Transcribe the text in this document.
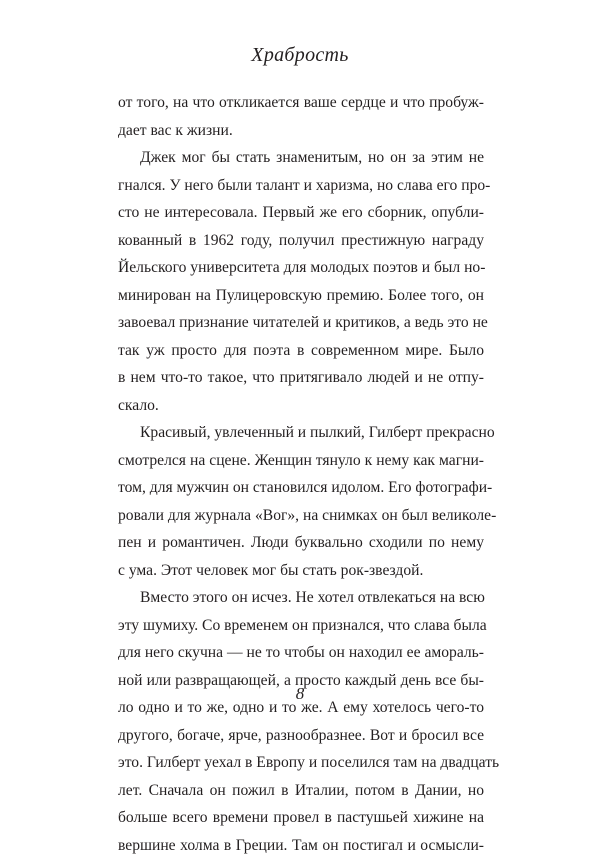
Храбрость
от того, на что откликается ваше сердце и что пробуж-
дает вас к жизни.
Джек мог бы стать знаменитым, но он за этим не
гнался. У него были талант и харизма, но слава его про-
сто не интересовала. Первый же его сборник, опубли-
кованный в 1962 году, получил престижную награду
Йельского университета для молодых поэтов и был но-
минирован на Пулицеровскую премию. Более того, он
завоевал признание читателей и критиков, а ведь это не
так уж просто для поэта в современном мире. Было
в нем что-то такое, что притягивало людей и не отпу-
скало.
Красивый, увлеченный и пылкий, Гилберт прекрасно
смотрелся на сцене. Женщин тянуло к нему как магни-
том, для мужчин он становился идолом. Его фотографи-
ровали для журнала «Вог», на снимках он был великоле-
пен и романтичен. Люди буквально сходили по нему
с ума. Этот человек мог бы стать рок-звездой.
Вместо этого он исчез. Не хотел отвлекаться на всю
эту шумиху. Со временем он признался, что слава была
для него скучна — не то чтобы он находил ее амораль-
ной или развращающей, а просто каждый день все бы-
ло одно и то же, одно и то же. А ему хотелось чего-то
другого, богаче, ярче, разнообразнее. Вот и бросил все
это. Гилберт уехал в Европу и поселился там на двадцать
лет. Сначала он пожил в Италии, потом в Дании, но
больше всего времени провел в пастушьей хижине на
вершине холма в Греции. Там он постигал и осмысли-
8
